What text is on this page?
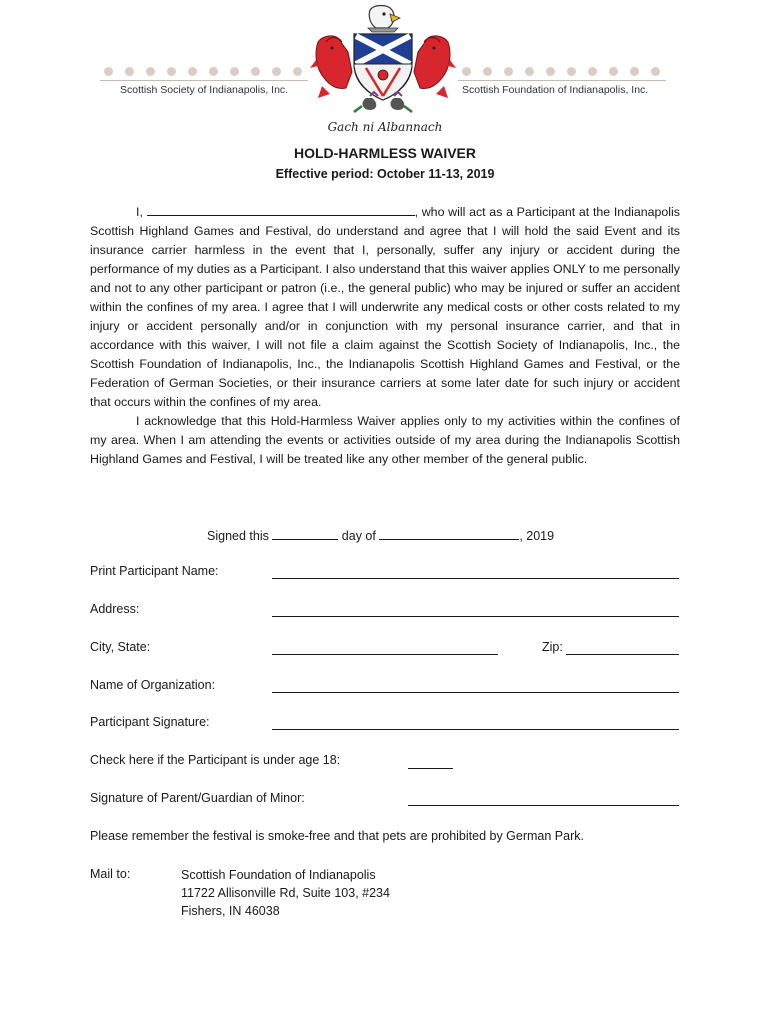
Scottish Society of Indianapolis, Inc.	Scottish Foundation of Indianapolis, Inc.
Gach ni Albannach
HOLD-HARMLESS WAIVER
Effective period: October 11-13, 2019

I,	, who will act as a Participant at the Indianapolis Scottish Highland Games and Festival, do understand and agree that I will hold the said Event and its insurance carrier harmless in the event that I, personally, suffer any injury or accident during the performance of my duties as a Participant. I also understand that this waiver applies ONLY to me personally and not to any other participant or patron (i.e., the general public) who may be injured or suffer an accident within the confines of my area. I agree that I will underwrite any medical costs or other costs related to my injury or accident personally and/or in conjunction with my personal insurance carrier, and that in accordance with this waiver, I will not file a claim against the Scottish Society of Indianapolis, Inc., the Scottish Foundation of Indianapolis, Inc., the Indianapolis Scottish Highland Games and Festival, or the Federation of German Societies, or their insurance carriers at some later date for such injury or accident that occurs within the confines of my area.

I acknowledge that this Hold-Harmless Waiver applies only to my activities within the confines of my area. When I am attending the events or activities outside of my area during the Indianapolis Scottish Highland Games and Festival, I will be treated like any other member of the general public.

Signed this	day of	, 2019
Print Participant Name:
Address:
City, State:	Zip:
Name of Organization:
Participant Signature:
Check here if the Participant is under age 18:
Signature of Parent/Guardian of Minor:
Please remember the festival is smoke-free and that pets are prohibited by German Park.
Mail to:	Scottish Foundation of Indianapolis
11722 Allisonville Rd, Suite 103, #234
Fishers, IN 46038
